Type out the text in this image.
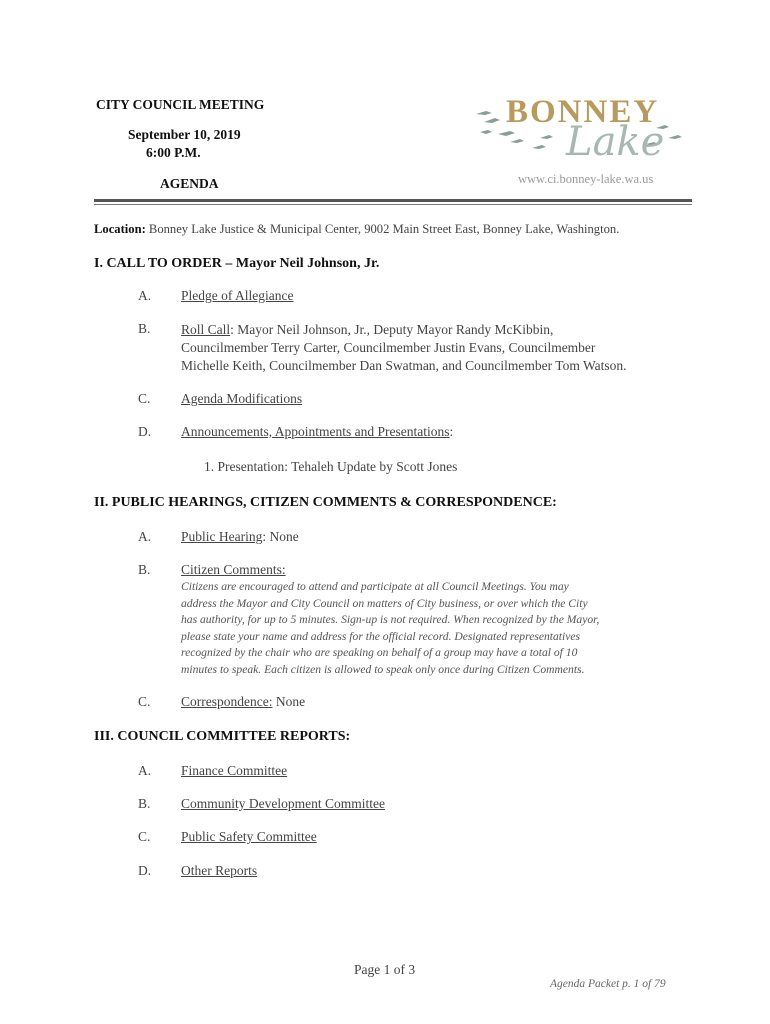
CITY COUNCIL MEETING
September 10, 2019
6:00 P.M.
AGENDA
BONNEY
Lake
www.ci.bonney-lake.wa.us
Location: Bonney Lake Justice & Municipal Center, 9002 Main Street East, Bonney Lake, Washington.
I. CALL TO ORDER – Mayor Neil Johnson, Jr.
A. Pledge of Allegiance
B. Roll Call: Mayor Neil Johnson, Jr., Deputy Mayor Randy McKibbin,
Councilmember Terry Carter, Councilmember Justin Evans, Councilmember
Michelle Keith, Councilmember Dan Swatman, and Councilmember Tom Watson.
C. Agenda Modifications
D. Announcements, Appointments and Presentations:
1. Presentation: Tehaleh Update by Scott Jones
II. PUBLIC HEARINGS, CITIZEN COMMENTS & CORRESPONDENCE:
A. Public Hearing: None
B. Citizen Comments:
Citizens are encouraged to attend and participate at all Council Meetings. You may
address the Mayor and City Council on matters of City business, or over which the City
has authority, for up to 5 minutes. Sign-up is not required. When recognized by the Mayor,
please state your name and address for the official record. Designated representatives
recognized by the chair who are speaking on behalf of a group may have a total of 10
minutes to speak. Each citizen is allowed to speak only once during Citizen Comments.
C. Correspondence: None
III. COUNCIL COMMITTEE REPORTS:
A. Finance Committee
B. Community Development Committee
C. Public Safety Committee
D. Other Reports
Page 1 of 3
Agenda Packet p. 1 of 79
